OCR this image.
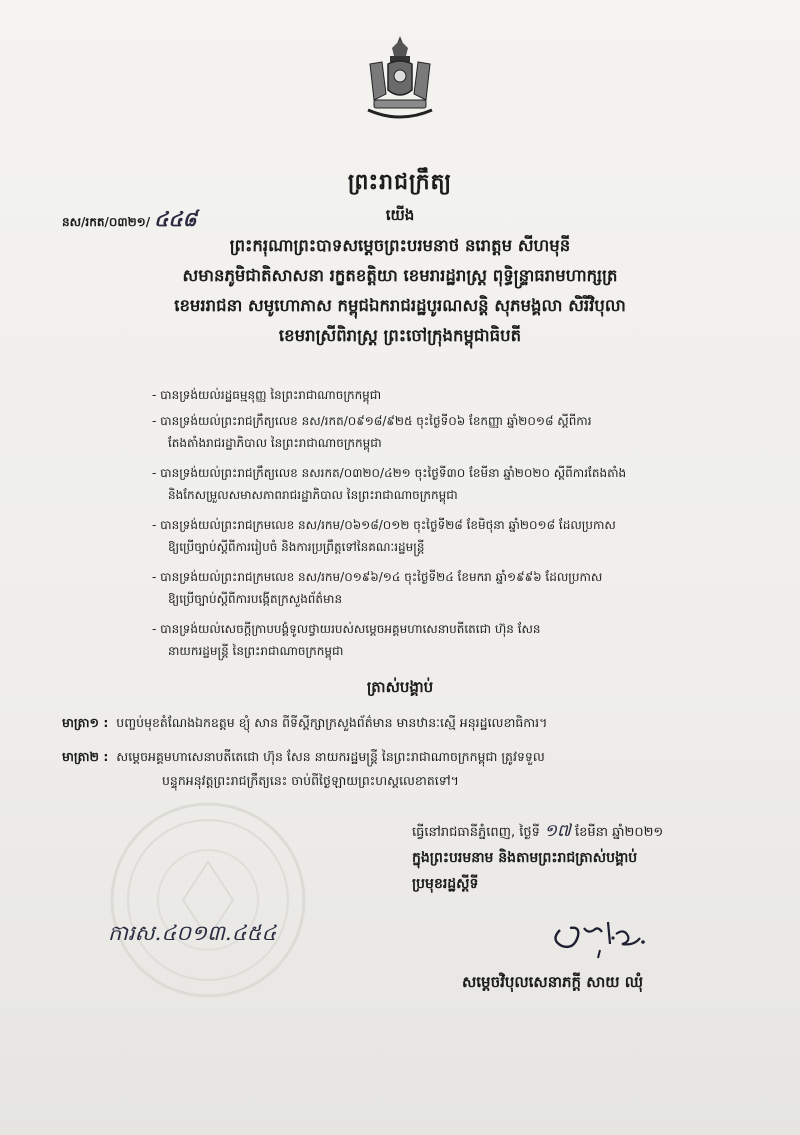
ព្រះរាជក្រឹត្យ
នស/រកត/០៣២១/ ៤៤៨	យើង
ព្រះករុណាព្រះបាទសម្តេចព្រះបរមនាថ នរោត្តម សីហមុនី
សមានភូមិជាតិសាសនា រក្ខតខត្តិយា ខេមរារដ្ឋរាស្ត្រ ពុទ្ធិន្ទ្រាធរាមហាក្សត្រ
ខេមររាជនា សមូហោភាស កម្ពុជឯករាជរដ្ឋបូរណសន្តិ សុភមង្គលា សិរីវិបុលា
ខេមរាស្រីពិរាស្ត្រ ព្រះចៅក្រុងកម្ពុជាធិបតី
- បានទ្រង់យល់រដ្ឋធម្មនុញ្ញ នៃព្រះរាជាណាចក្រកម្ពុជា
- បានទ្រង់យល់ព្រះរាជក្រឹត្យលេខ នស/រកត/០៩១៨/៩២៥ ចុះថ្ងៃទី០៦ ខែកញ្ញា ឆ្នាំ២០១៨ ស្តីពីការ
តែងតាំងរាជរដ្ឋាភិបាល នៃព្រះរាជាណាចក្រកម្ពុជា
- បានទ្រង់យល់ព្រះរាជក្រឹត្យលេខ នសរកត/០៣២០/៤២១ ចុះថ្ងៃទី៣០ ខែមីនា ឆ្នាំ២០២០ ស្តីពីការតែងតាំង
និងកែសម្រួលសមាសភាពរាជរដ្ឋាភិបាល នៃព្រះរាជាណាចក្រកម្ពុជា
- បានទ្រង់យល់ព្រះរាជក្រមលេខ នស/រកម/០៦១៨/០១២ ចុះថ្ងៃទី២៨ ខែមិថុនា ឆ្នាំ២០១៨ ដែលប្រកាស
ឱ្យប្រើច្បាប់ស្តីពីការរៀបចំ និងការប្រព្រឹត្តទៅនៃគណៈរដ្ឋមន្ត្រី
- បានទ្រង់យល់ព្រះរាជក្រមលេខ នស/រកម/០១៩៦/១៤ ចុះថ្ងៃទី២៤ ខែមករា ឆ្នាំ១៩៩៦ ដែលប្រកាស
ឱ្យប្រើច្បាប់ស្តីពីការបង្កើតក្រសួងព័ត៌មាន
- បានទ្រង់យល់សេចក្តីក្រាបបង្គំទូលថ្វាយរបស់សម្តេចអគ្គមហាសេនាបតីតេជោ ហ៊ុន សែន
នាយករដ្ឋមន្ត្រី នៃព្រះរាជាណាចក្រកម្ពុជា
ត្រាស់បង្គាប់
មាត្រា១ : បញ្ចប់មុខតំណែងឯកឧត្តម ខ្យុំ សាន ពីទីស្តីក្សាក្រសួងព័ត៌មាន មានឋានៈស្មើ អនុរដ្ឋលេខាធិការ។
មាត្រា២ : សម្តេចអគ្គមហាសេនាបតីតេជោ ហ៊ុន សែន នាយករដ្ឋមន្ត្រី នៃព្រះរាជាណាចក្រកម្ពុជា ត្រូវទទួល
បន្ទុកអនុវត្តព្រះរាជក្រឹត្យនេះ ចាប់ពីថ្ងៃឡាយព្រះហស្តលេខាតទៅ។
ធ្វើនៅរាជធានីភ្នំពេញ, ថ្ងៃទី ១៧ ខែមីនា ឆ្នាំ២០២១
ក្នុងព្រះបរមនាម និងតាមព្រះរាជត្រាស់បង្គាប់
ប្រមុខរដ្ឋស្តីទី
ការស.៤០១៣.៤៥៤
សម្តេចវិបុលសេនាភក្តី សាយ ឈុំ
